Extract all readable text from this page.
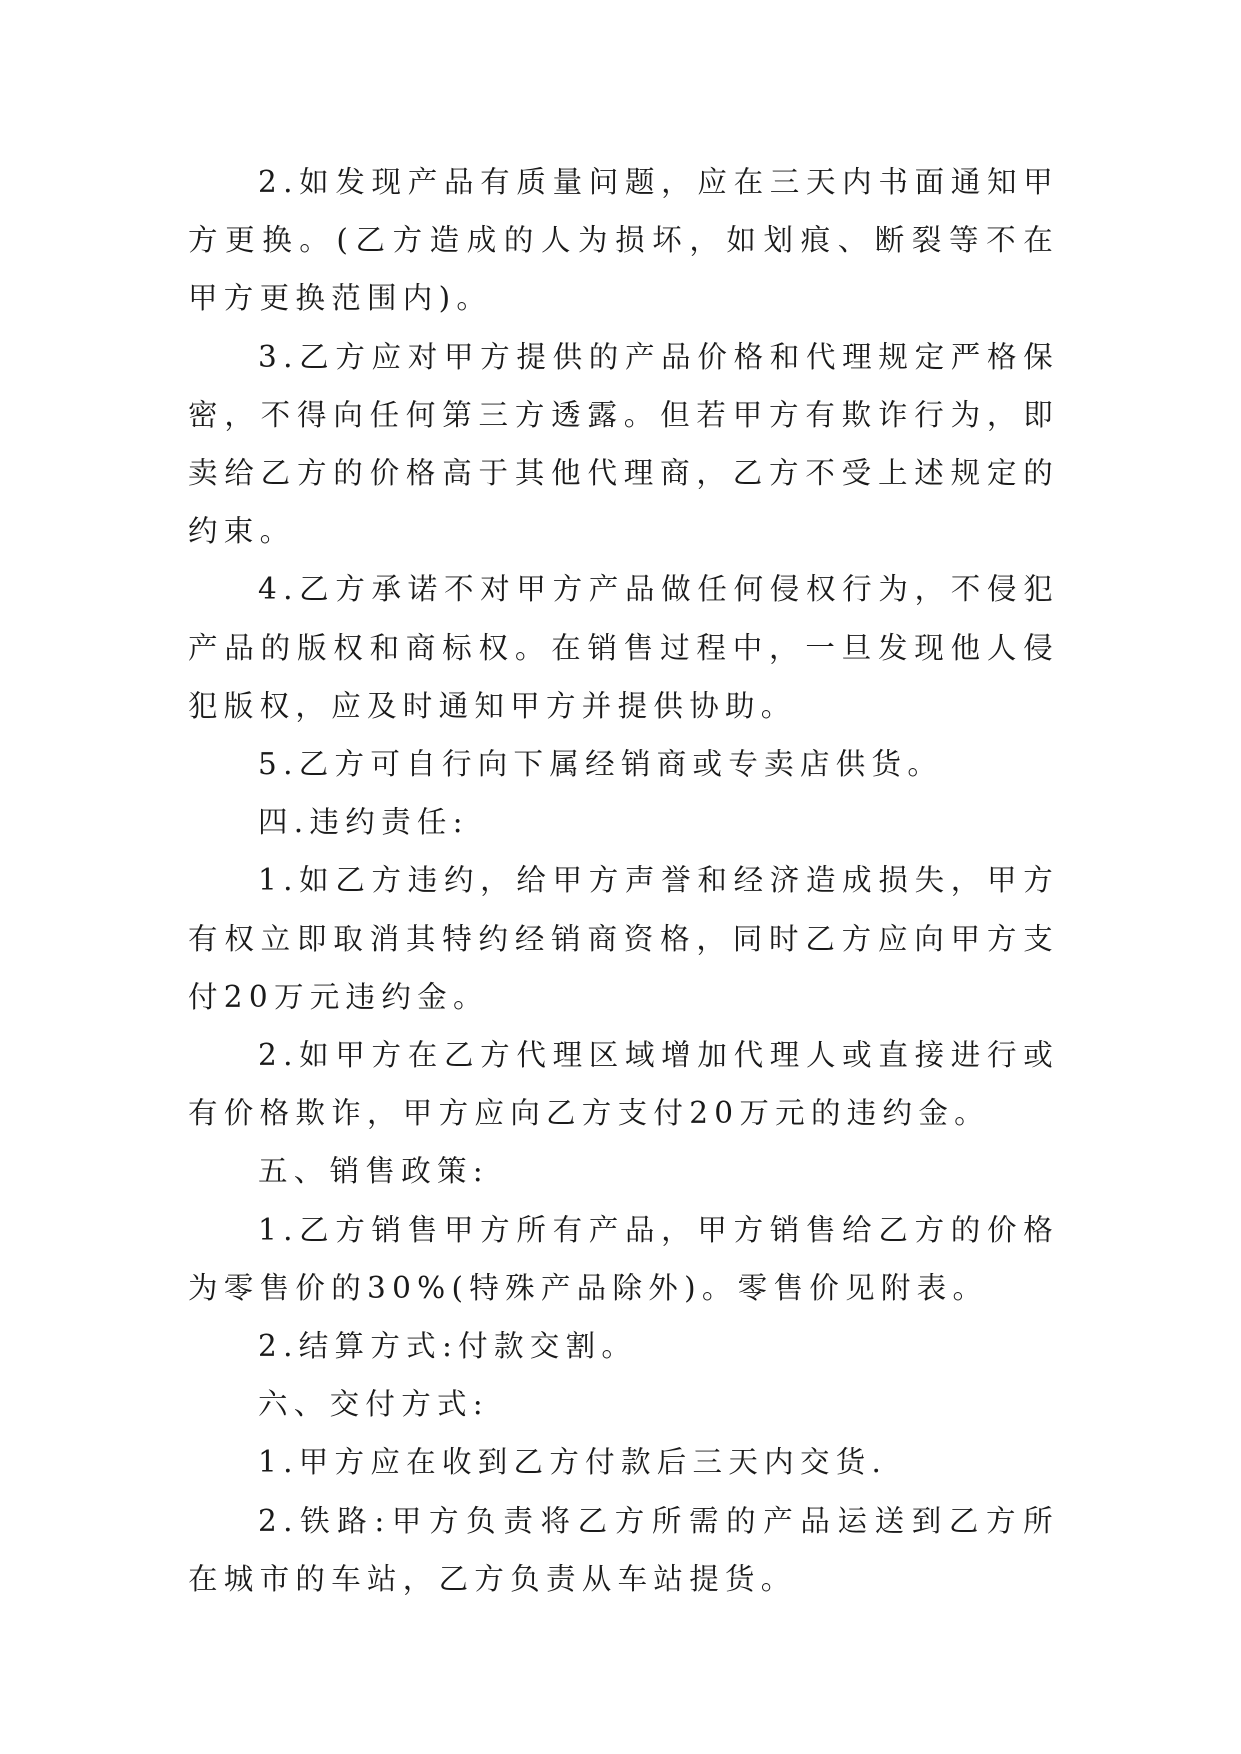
2.如发现产品有质量问题，应在三天内书面通知甲方更换。(乙方造成的人为损坏，如划痕、断裂等不在甲方更换范围内)。

3.乙方应对甲方提供的产品价格和代理规定严格保密，不得向任何第三方透露。但若甲方有欺诈行为，即卖给乙方的价格高于其他代理商，乙方不受上述规定的约束。

4.乙方承诺不对甲方产品做任何侵权行为，不侵犯产品的版权和商标权。在销售过程中，一旦发现他人侵犯版权，应及时通知甲方并提供协助。

5.乙方可自行向下属经销商或专卖店供货。

四.违约责任:

1.如乙方违约，给甲方声誉和经济造成损失，甲方有权立即取消其特约经销商资格，同时乙方应向甲方支付20万元违约金。

2.如甲方在乙方代理区域增加代理人或直接进行或有价格欺诈，甲方应向乙方支付20万元的违约金。

五、销售政策:

1.乙方销售甲方所有产品，甲方销售给乙方的价格为零售价的30%(特殊产品除外)。零售价见附表。

2.结算方式:付款交割。

六、交付方式:

1.甲方应在收到乙方付款后三天内交货.

2.铁路:甲方负责将乙方所需的产品运送到乙方所在城市的车站，乙方负责从车站提货。
